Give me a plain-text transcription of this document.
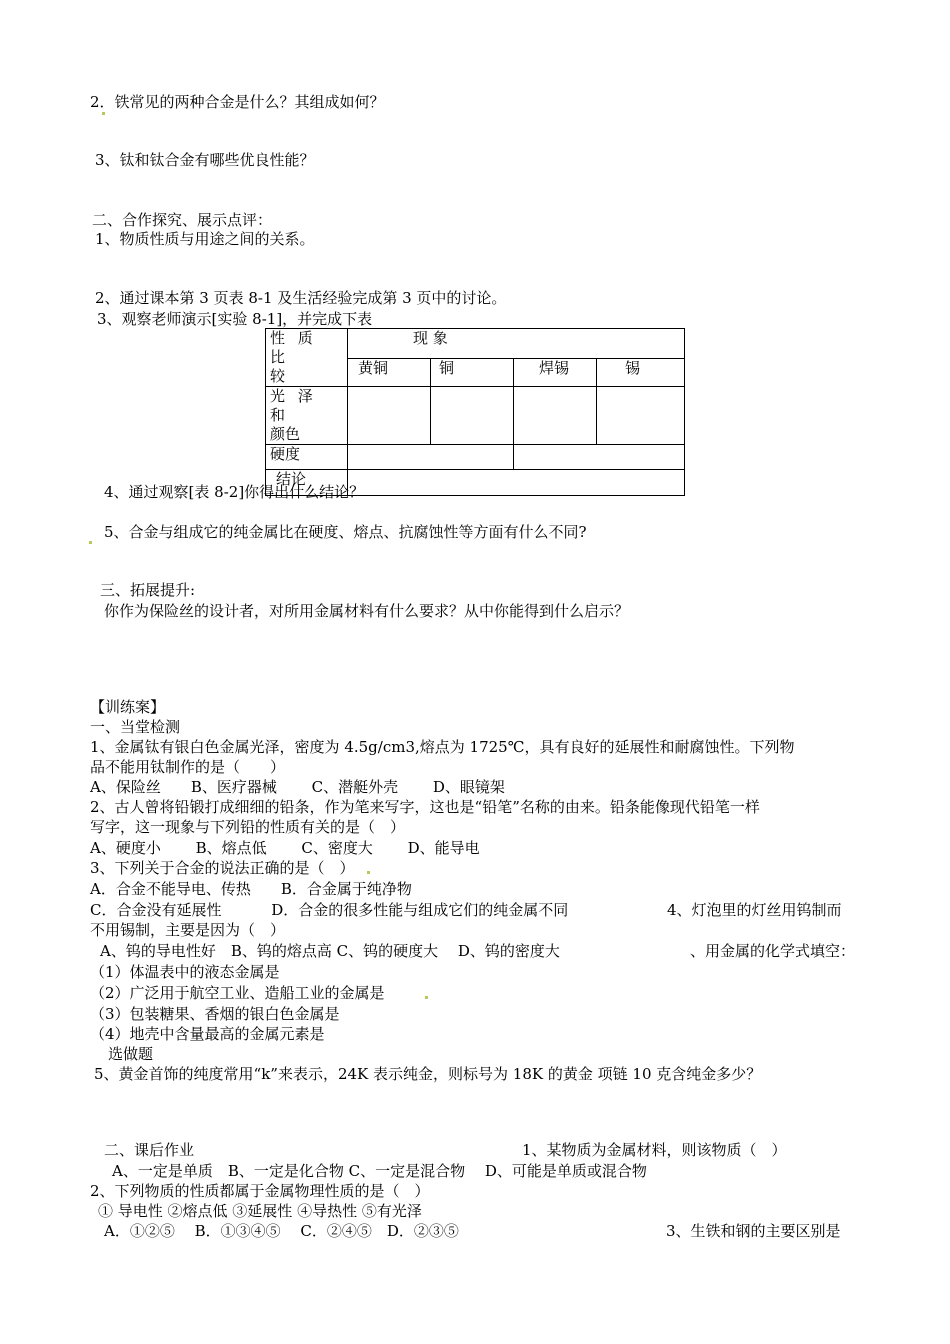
2．铁常见的两种合金是什么？其组成如何？
3、钛和钛合金有哪些优良性能？
二、合作探究、展示点评：
1、物质性质与用途之间的关系。
2、通过课本第 3 页表 8-1 及生活经验完成第 3 页中的讨论。
3、观察老师演示[实验 8-1]，并完成下表
性 质 比
较	现 象			
	黄铜	铜	焊锡	锡

光 泽 和
颜色				

硬度				
结论				
4、通过观察[表 8-2]你得出什么结论？
5、合金与组成它的纯金属比在硬度、熔点、抗腐蚀性等方面有什么不同?
三、拓展提升:
你作为保险丝的设计者，对所用金属材料有什么要求？从中你能得到什么启示？
【训练案】
一、当堂检测
1、金属钛有银白色金属光泽，密度为 4.5g/cm3,熔点为 1725℃，具有良好的延展性和耐腐蚀性。下列物
品不能用钛制作的是（　　）
A、保险丝　　B、医疗器械　　 C、潜艇外壳　　 D、眼镜架
2、古人曾将铅锻打成细细的铅条，作为笔来写字，这也是“铅笔”名称的由来。铅条能像现代铅笔一样
写字，这一现象与下列铅的性质有关的是（　）
A、硬度小　　 B、熔点低　　 C、密度大　　 D、能导电
3、下列关于合金的说法正确的是（　）
A．合金不能导电、传热　　B．合金属于纯净物
C．合金没有延展性　　　 D．合金的很多性能与组成它们的纯金属不同	4、灯泡里的灯丝用钨制而
不用锡制，主要是因为（　）
A、钨的导电性好　B、钨的熔点高 C、钨的硬度大　 D、钨的密度大	、用金属的化学式填空：
（1）体温表中的液态金属是
（2）广泛用于航空工业、造船工业的金属是
（3）包装糖果、香烟的银白色金属是
（4）地壳中含量最高的金属元素是
选做题
5、黄金首饰的纯度常用“k”来表示，24K 表示纯金，则标号为 18K 的黄金 项链 10 克含纯金多少？
二、课后作业	1、某物质为金属材料，则该物质（　）
A、一定是单质　B、一定是化合物 C、一定是混合物　 D、可能是单质或混合物
2、下列物质的性质都属于金属物理性质的是（　）
① 导电性 ②熔点低 ③延展性 ④导热性 ⑤有光泽
A．①②⑤　 B．①③④⑤　 C．②④⑤　D．②③⑤	3、生铁和钢的主要区别是
